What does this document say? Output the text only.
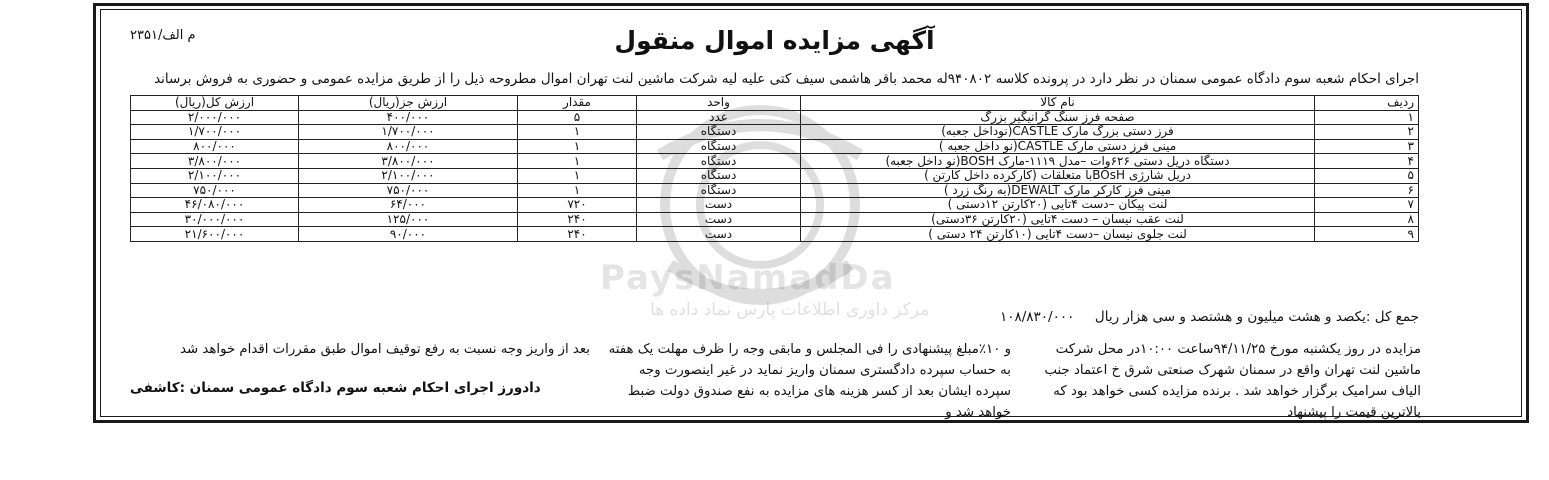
PaysNamadDa
مرکز داوری اطلاعات پارس نماد داده ها
م الف/۲۳۵۱	آگهی مزایده اموال منقول
اجرای احکام شعبه سوم دادگاه عمومی سمنان در نظر دارد در پرونده کلاسه ۹۴۰۸۰۲له محمد باقر هاشمی سیف کتی علیه لیه شرکت ماشین لنت تهران اموال مطروحه ذیل را از طریق مزایده عمومی و حضوری به فروش برساند
ردیف	نام کالا	واحد	مقدار	ارزش جز(ریال)	ارزش کل(ریال)
۱	صفحه فرز سنگ گرانیگیر بزرگ	عدد	۵	۴۰۰/۰۰۰	۲/۰۰۰/۰۰۰
۲	فرز دستی بزرگ مارک CASTLE(نوداخل جعبه)	دستگاه	۱	۱/۷۰۰/۰۰۰	۱/۷۰۰/۰۰۰
۳	مینی فرز دستی مارک CASTLE(نو داخل جعبه )	دستگاه	۱	۸۰۰/۰۰۰	۸۰۰/۰۰۰
۴	دستگاه دریل دستی ۶۲۶وات –مدل ۱۱۱۹-مارک BOSH(نو داخل جعبه)	دستگاه	۱	۳/۸۰۰/۰۰۰	۳/۸۰۰/۰۰۰
۵	دریل شارژی BOsHبا متعلقات (کارکرده داخل کارتن )	دستگاه	۱	۲/۱۰۰/۰۰۰	۲/۱۰۰/۰۰۰
۶	مینی فرز کارکر مارک DEWALT(به رنگ زرد )	دستگاه	۱	۷۵۰/۰۰۰	۷۵۰/۰۰۰
۷	لنت پیکان –دست ۴تایی (۲۰کارتن ۱۲دستی )	دست	۷۲۰	۶۴/۰۰۰	۴۶/۰۸۰/۰۰۰
۸	لنت عقب نیسان – دست ۴تایی (۲۰کارتن ۳۶دستی)	دست	۲۴۰	۱۲۵/۰۰۰	۳۰/۰۰۰/۰۰۰
۹	لنت جلوی نیسان –دست ۴تایی (۱۰کارتن ۲۴ دستی )	دست	۲۴۰	۹۰/۰۰۰	۲۱/۶۰۰/۰۰۰
جمع کل :یکصد و هشت میلیون و هشتصد و سی هزار ریال
۱۰۸/۸۳۰/۰۰۰
مزایده در روز یکشنبه مورخ ۹۴/۱۱/۲۵ساعت ۱۰:۰۰در محل شرکت ماشین لنت تهران واقع در سمنان شهرک صنعتی شرق خ اعتماد جنب الیاف سرامیک برگزار خواهد شد . برنده مزایده کسی خواهد بود که بالاترین قیمت را پیشنهاد
و ۱۰٪مبلغ پیشنهادی را فی المجلس و مابقی وجه را ظرف مهلت یک هفته به حساب سپرده دادگستری سمنان واریز نماید در غیر اینصورت وجه سپرده ایشان بعد از کسر هزینه های مزایده به نفع صندوق دولت ضبط خواهد شد و
بعد از واریز وجه نسبت به رفع توقیف اموال طبق مقررات اقدام خواهد شد
دادورز اجرای احکام شعبه سوم دادگاه عمومی سمنان :کاشفی
